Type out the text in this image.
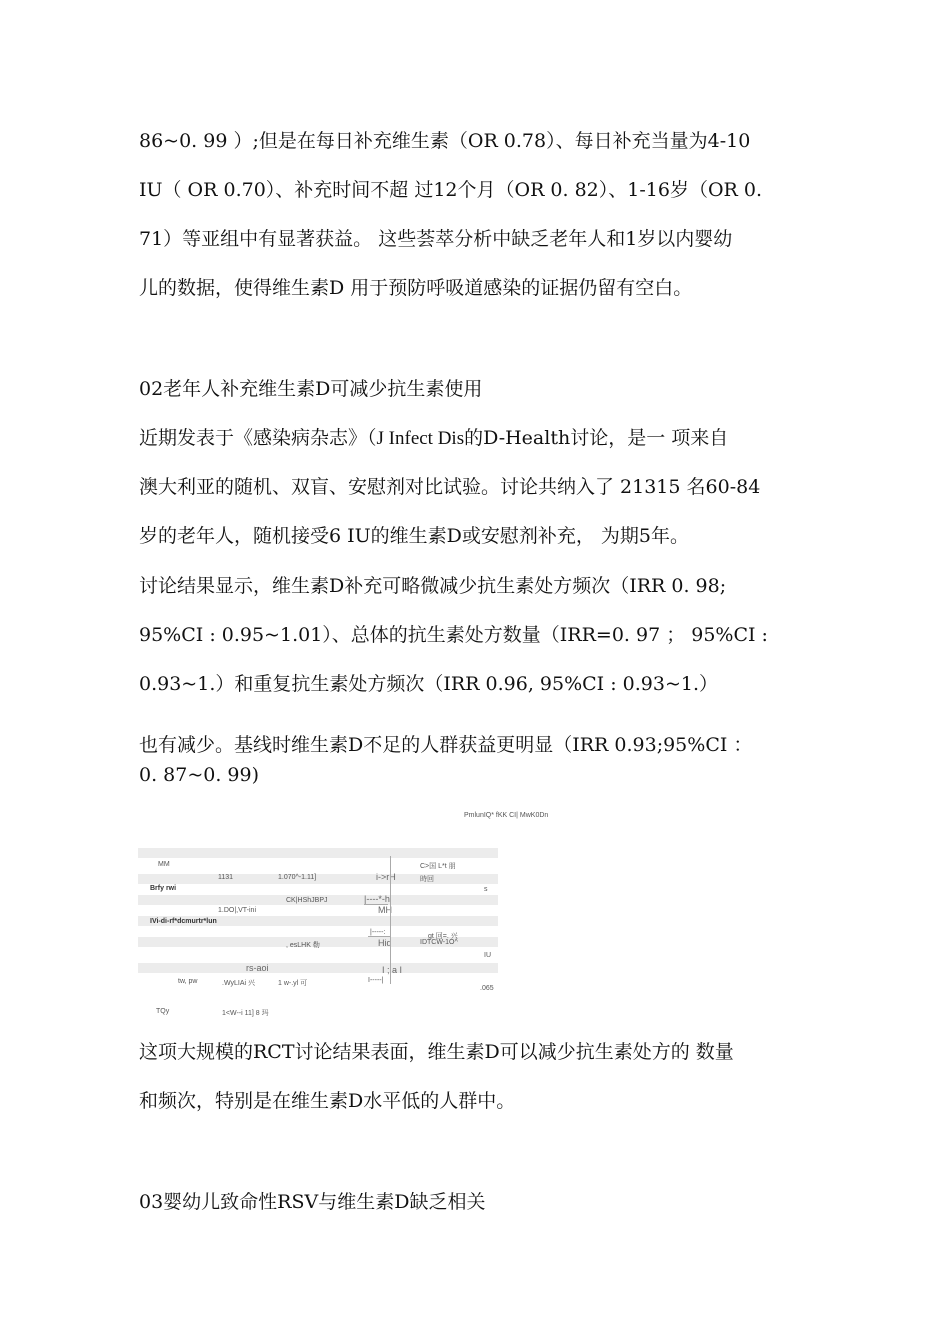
86~0. 99 ）;但是在每日补充维生素（OR 0.78）、每日补充当量为4-10
IU（ OR 0.70）、补充时间不超 过12个月（OR 0. 82）、1-16岁（OR 0.
71）等亚组中有显著获益。 这些荟萃分析中缺乏老年人和1岁以内婴幼
儿的数据，使得维生素D 用于预防呼吸道感染的证据仍留有空白。

02老年人补充维生素D可减少抗生素使用

近期发表于《感染病杂志》（J Infect Dis的D-Health讨论，是一 项来自
澳大利亚的随机、双盲、安慰剂对比试验。讨论共纳入了 21315 名60-84
岁的老年人，随机接受6 IU的维生素D或安慰剂补充， 为期5年。

讨论结果显示，维生素D补充可略微减少抗生素处方频次（IRR 0. 98;
95%CI : 0.95~1.01）、总体的抗生素处方数量（IRR=0. 97 ； 95%CI :
0.93~1.）和重复抗生素处方频次（IRR 0.96, 95%CI : 0.93~1.）

也有减少。基线时维生素D不足的人群获益更明显（IRR 0.93;95%CI ：
0. 87~0. 99)

PmlunIQ* fKK CI| MwK0Dn
MM	C>国 L*t 朋
1131	1.070^-1.11]	i->rH	時回
Brfy rwi	s
CK|HShJBPJ	|----*-h
MH
1.DO|,VT-ini
IVi-di-rf*dcmurtr*lun
|-----:
gt 回=. 兴
, esLHK 勒	Hid	IDTCW-1O^
IU
rs-aoi	I ; a I
tw, pw	.WyLIAi 兴	1 w-.yl 可	I-----|
.065
TQy	1<W--i 11] 8 玛

这项大规模的RCT讨论结果表面，维生素D可以减少抗生素处方的 数量
和频次，特别是在维生素D水平低的人群中。

03婴幼儿致命性RSV与维生素D缺乏相关
